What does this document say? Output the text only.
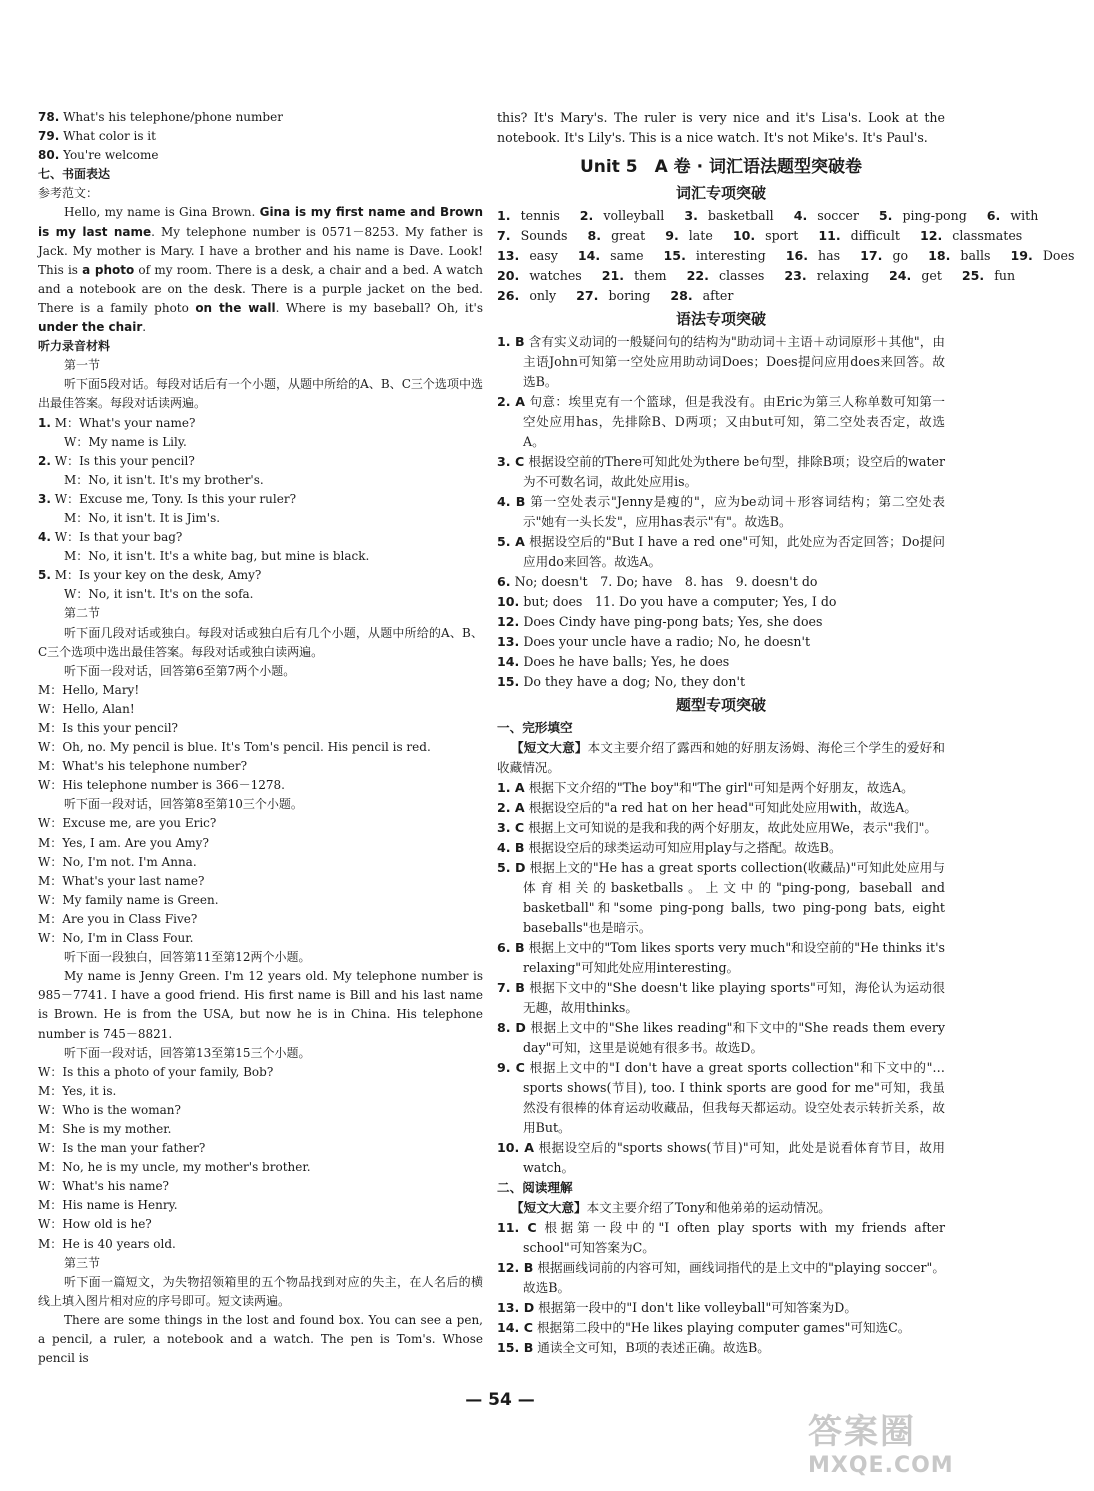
78. What's his telephone/phone number
79. What color is it
80. You're welcome
七、书面表达
参考范文：
Hello, my name is Gina Brown. Gina is my first name and Brown is my last name. My telephone number is 0571－8253. My father is Jack. My mother is Mary. I have a brother and his name is Dave. Look! This is a photo of my room. There is a desk, a chair and a bed. A watch and a notebook are on the desk. There is a purple jacket on the bed. There is a family photo on the wall. Where is my baseball? Oh, it's under the chair.
听力录音材料
第一节
听下面5段对话。每段对话后有一个小题，从题中所给的A、B、C三个选项中选出最佳答案。每段对话读两遍。
1. M：What's your name?
W：My name is Lily.
2. W：Is this your pencil?
M：No, it isn't. It's my brother's.
3. W：Excuse me, Tony. Is this your ruler?
M：No, it isn't. It is Jim's.
4. W：Is that your bag?
M：No, it isn't. It's a white bag, but mine is black.
5. M：Is your key on the desk, Amy?
W：No, it isn't. It's on the sofa.
第二节
听下面几段对话或独白。每段对话或独白后有几个小题，从题中所给的A、B、C三个选项中选出最佳答案。每段对话或独白读两遍。
听下面一段对话，回答第6至第7两个小题。
M：Hello, Mary!
W：Hello, Alan!
M：Is this your pencil?
W：Oh, no. My pencil is blue. It's Tom's pencil. His pencil is red.
M：What's his telephone number?
W：His telephone number is 366－1278.
听下面一段对话，回答第8至第10三个小题。
W：Excuse me, are you Eric?
M：Yes, I am. Are you Amy?
W：No, I'm not. I'm Anna.
M：What's your last name?
W：My family name is Green.
M：Are you in Class Five?
W：No, I'm in Class Four.
听下面一段独白，回答第11至第12两个小题。
My name is Jenny Green. I'm 12 years old. My telephone number is 985－7741. I have a good friend. His first name is Bill and his last name is Brown. He is from the USA, but now he is in China. His telephone number is 745－8821.
听下面一段对话，回答第13至第15三个小题。
W：Is this a photo of your family, Bob?
M：Yes, it is.
W：Who is the woman?
M：She is my mother.
W：Is the man your father?
M：No, he is my uncle, my mother's brother.
W：What's his name?
M：His name is Henry.
W：How old is he?
M：He is 40 years old.
第三节
听下面一篇短文，为失物招领箱里的五个物品找到对应的失主，在人名后的横线上填入图片相对应的序号即可。短文读两遍。
There are some things in the lost and found box. You can see a pen, a pencil, a ruler, a notebook and a watch. The pen is Tom's. Whose pencil is
this? It's Mary's. The ruler is very nice and it's Lisa's. Look at the notebook. It's Lily's. This is a nice watch. It's not Mike's. It's Paul's.
Unit 5　A 卷 · 词汇语法题型突破卷
词汇专项突破
1.tennis 2.volleyball 3.basketball 4.soccer 5.ping-pong 6.with
7.Sounds 8.great 9.late 10.sport 11.difficult 12.classmates
13.easy 14.same 15.interesting 16.has 17.go 18.balls 19.Does
20.watches 21.them 22.classes 23.relaxing 24.get 25.fun
26.only 27.boring 28.after
语法专项突破
1. B 含有实义动词的一般疑问句的结构为"助动词＋主语＋动词原形＋其他"，由主语John可知第一空处应用助动词Does；Does提问应用does来回答。故选B。
2. A 句意：埃里克有一个篮球，但是我没有。由Eric为第三人称单数可知第一空处应用has，先排除B、D两项；又由but可知，第二空处表否定，故选A。
3. C 根据设空前的There可知此处为there be句型，排除B项；设空后的water为不可数名词，故此处应用is。
4. B 第一空处表示"Jenny是瘦的"，应为be动词＋形容词结构；第二空处表示"她有一头长发"，应用has表示"有"。故选B。
5. A 根据设空后的"But I have a red one"可知，此处应为否定回答；Do提问应用do来回答。故选A。
6. No; doesn't　7. Do; have　8. has　9. doesn't do
10. but; does　11. Do you have a computer; Yes, I do
12. Does Cindy have ping-pong bats; Yes, she does
13. Does your uncle have a radio; No, he doesn't
14. Does he have balls; Yes, he does
15. Do they have a dog; No, they don't
题型专项突破
一、完形填空
【短文大意】本文主要介绍了露西和她的好朋友汤姆、海伦三个学生的爱好和收藏情况。
1. A 根据下文介绍的"The boy"和"The girl"可知是两个好朋友，故选A。
2. A 根据设空后的"a red hat on her head"可知此处应用with，故选A。
3. C 根据上文可知说的是我和我的两个好朋友，故此处应用We，表示"我们"。
4. B 根据设空后的球类运动可知应用play与之搭配。故选B。
5. D 根据上文的"He has a great sports collection(收藏品)"可知此处应用与体育相关的basketballs。上文中的"ping-pong, baseball and basketball"和"some ping-pong balls, two ping-pong bats, eight baseballs"也是暗示。
6. B 根据上文中的"Tom likes sports very much"和设空前的"He thinks it's relaxing"可知此处应用interesting。
7. B 根据下文中的"She doesn't like playing sports"可知，海伦认为运动很无趣，故用thinks。
8. D 根据上文中的"She likes reading"和下文中的"She reads them every day"可知，这里是说她有很多书。故选D。
9. C 根据上文中的"I don't have a great sports collection"和下文中的"… sports shows(节目), too. I think sports are good for me"可知，我虽然没有很棒的体育运动收藏品，但我每天都运动。设空处表示转折关系，故用But。
10. A 根据设空后的"sports shows(节目)"可知，此处是说看体育节目，故用watch。
二、阅读理解
【短文大意】本文主要介绍了Tony和他弟弟的运动情况。
11. C 根据第一段中的"I often play sports with my friends after school"可知答案为C。
12. B 根据画线词前的内容可知，画线词指代的是上文中的"playing soccer"。故选B。
13. D 根据第一段中的"I don't like volleyball"可知答案为D。
14. C 根据第二段中的"He likes playing computer games"可知选C。
15. B 通读全文可知，B项的表述正确。故选B。
— 54 —
答案圈
MXQE.COM
